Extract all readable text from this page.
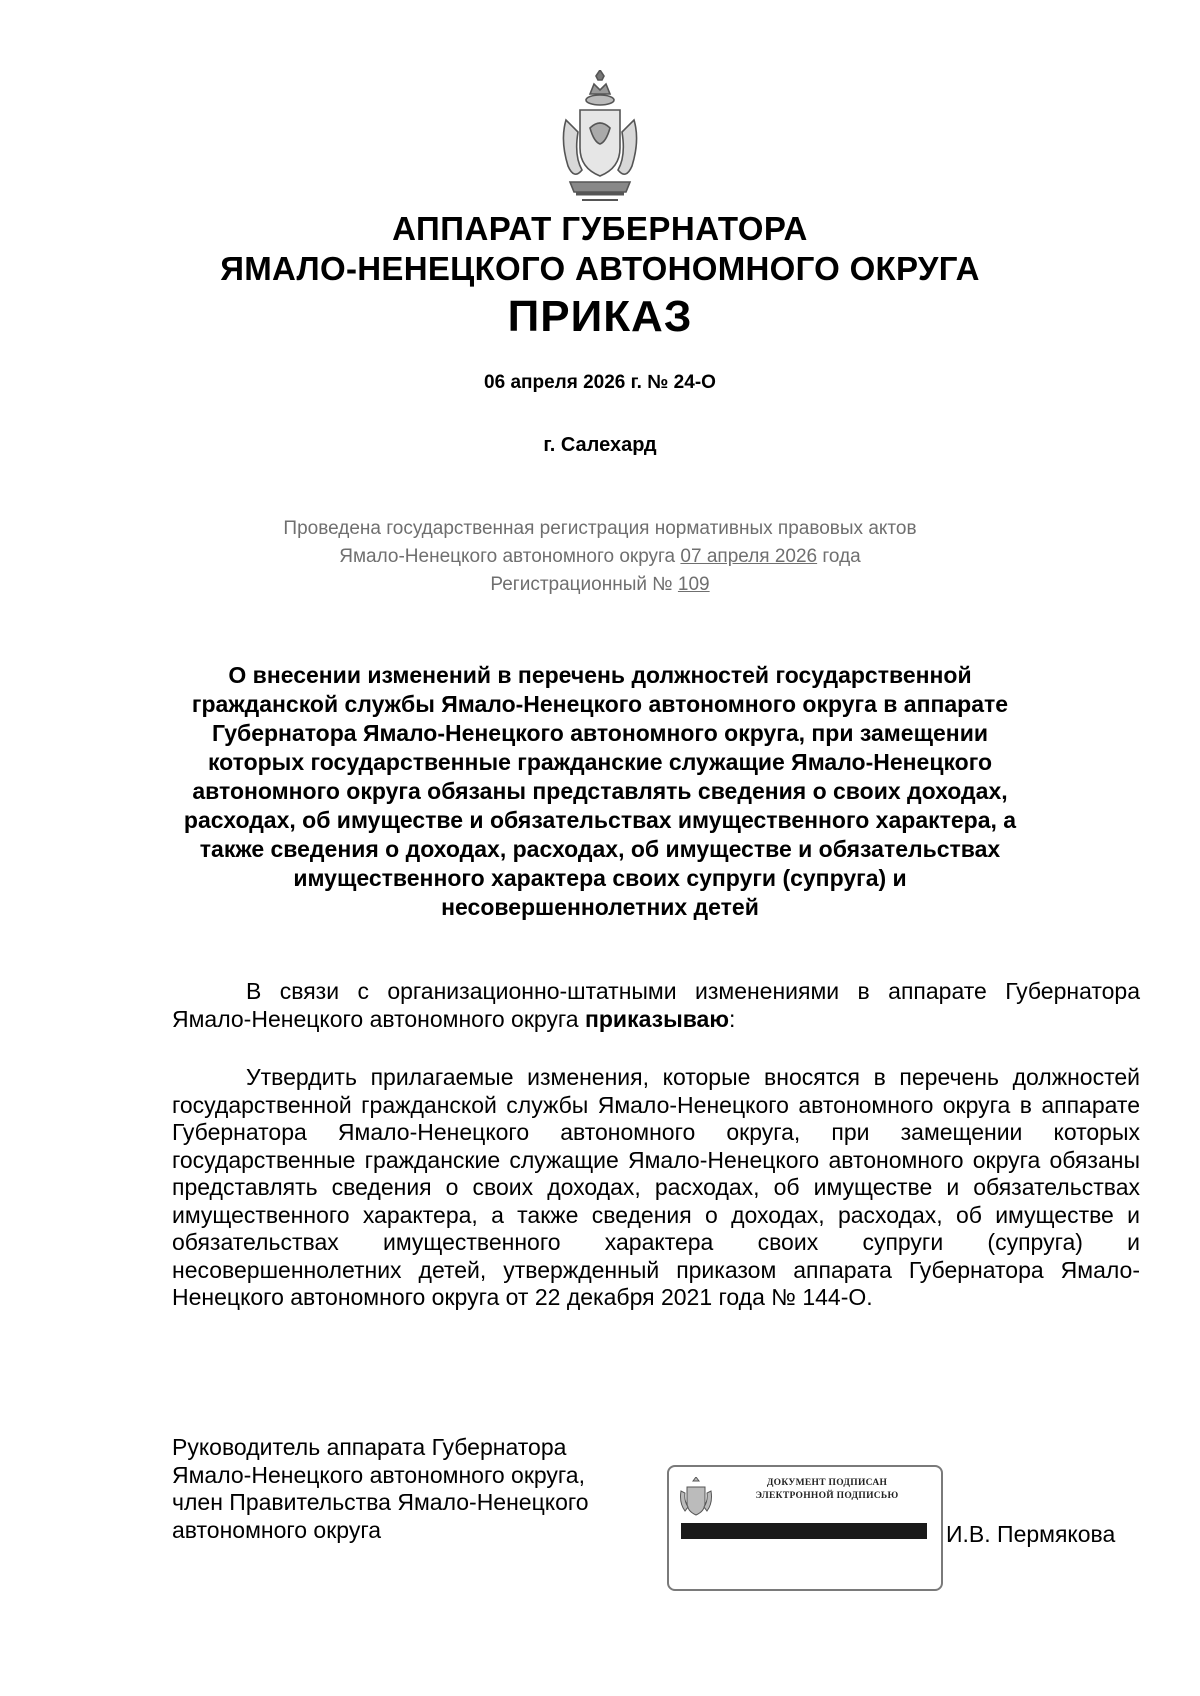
АППАРАТ ГУБЕРНАТОРА
ЯМАЛО-НЕНЕЦКОГО АВТОНОМНОГО ОКРУГА
ПРИКАЗ
06 апреля 2026 г. № 24-О
г. Салехард
Проведена государственная регистрация нормативных правовых актов
Ямало-Ненецкого автономного округа 07 апреля 2026 года
Регистрационный № 109
О внесении изменений в перечень должностей государственной гражданской службы Ямало-Ненецкого автономного округа в аппарате Губернатора Ямало-Ненецкого автономного округа, при замещении которых государственные гражданские служащие Ямало-Ненецкого автономного округа обязаны представлять сведения о своих доходах, расходах, об имуществе и обязательствах имущественного характера, а также сведения о доходах, расходах, об имуществе и обязательствах имущественного характера своих супруги (супруга) и несовершеннолетних детей
В связи с организационно-штатными изменениями в аппарате Губернатора Ямало-Ненецкого автономного округа приказываю:
Утвердить прилагаемые изменения, которые вносятся в перечень должностей государственной гражданской службы Ямало-Ненецкого автономного округа в аппарате Губернатора Ямало-Ненецкого автономного округа, при замещении которых государственные гражданские служащие Ямало-Ненецкого автономного округа обязаны представлять сведения о своих доходах, расходах, об имуществе и обязательствах имущественного характера, а также сведения о доходах, расходах, об имуществе и обязательствах имущественного характера своих супруги (супруга) и несовершеннолетних детей, утвержденный приказом аппарата Губернатора Ямало-Ненецкого автономного округа от 22 декабря 2021 года № 144-О.
Руководитель аппарата Губернатора
Ямало-Ненецкого автономного округа,
член Правительства Ямало-Ненецкого
автономного округа
ДОКУМЕНТ ПОДПИСАН
ЭЛЕКТРОННОЙ ПОДПИСЬЮ
И.В. Пермякова
